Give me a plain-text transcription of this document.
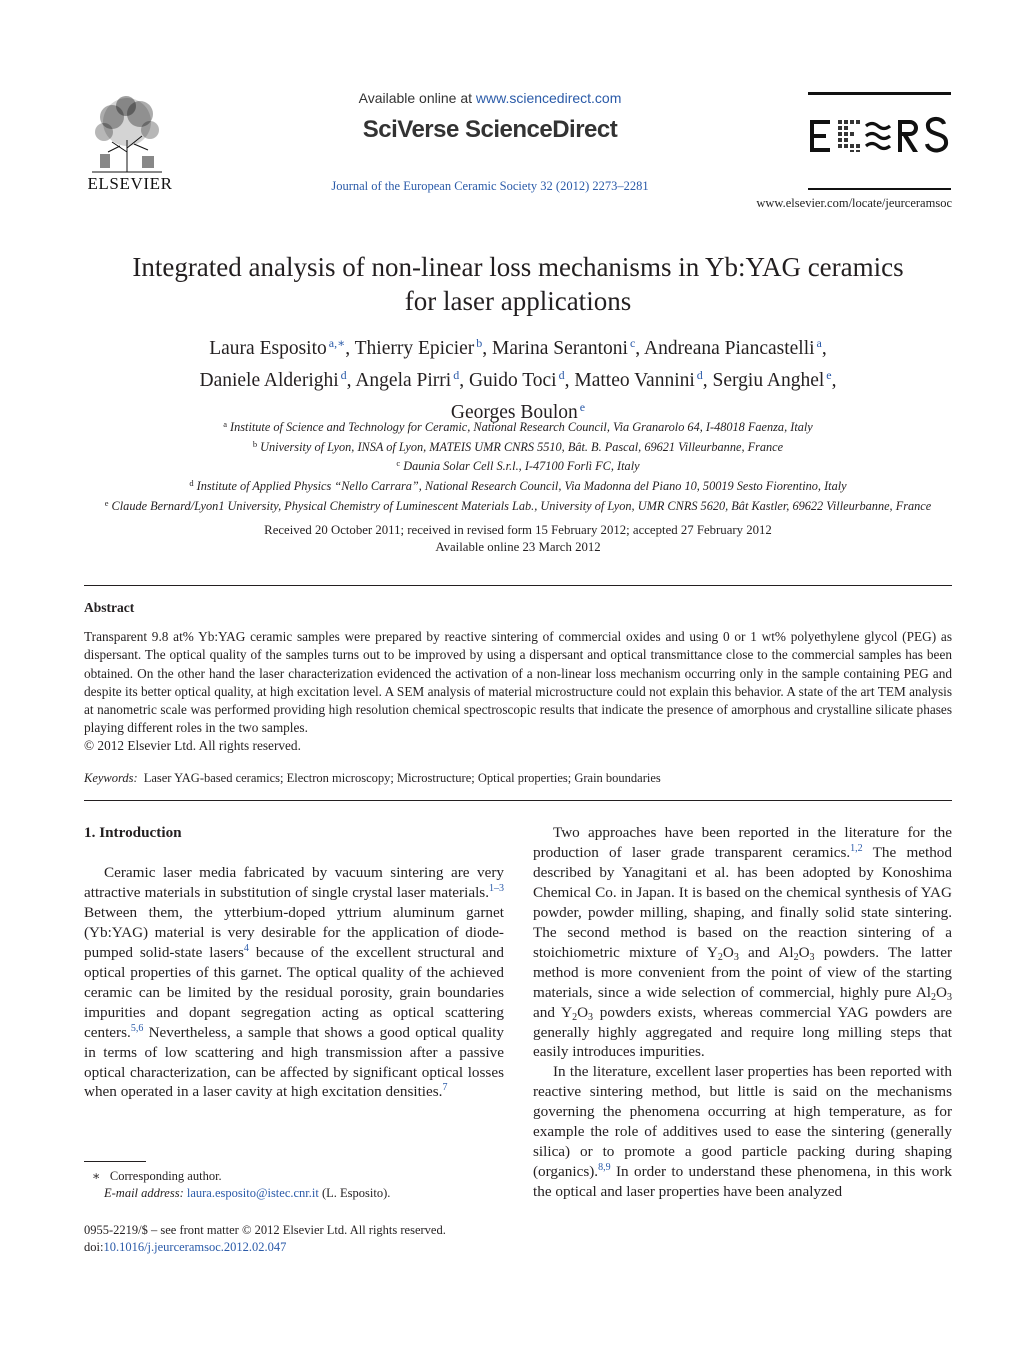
ELSEVIER
Available online at www.sciencedirect.com
SciVerse ScienceDirect
Journal of the European Ceramic Society 32 (2012) 2273–2281
www.elsevier.com/locate/jeurceramsoc
Integrated analysis of non-linear loss mechanisms in Yb:YAG ceramics
for laser applications
Laura Esposito $^{a,∗}$, Thierry Epicier $^b$, Marina Serantoni $^c$, Andreana Piancastelli $^a$,
Daniele Alderighi $^d$, Angela Pirri $^d$, Guido Toci $^d$, Matteo Vannini $^d$, Sergiu Anghel $^e$,
Georges Boulon $^e$
$^a$ Institute of Science and Technology for Ceramic, National Research Council, Via Granarolo 64, I-48018 Faenza, Italy
$^b$ University of Lyon, INSA of Lyon, MATEIS UMR CNRS 5510, Bât. B. Pascal, 69621 Villeurbanne, France
$^c$ Daunia Solar Cell S.r.l., I-47100 Forlì FC, Italy
$^d$ Institute of Applied Physics “Nello Carrara”, National Research Council, Via Madonna del Piano 10, 50019 Sesto Fiorentino, Italy
$^e$ Claude Bernard/Lyon1 University, Physical Chemistry of Luminescent Materials Lab., University of Lyon, UMR CNRS 5620, Bât Kastler, 69622 Villeurbanne, France
Received 20 October 2011; received in revised form 15 February 2012; accepted 27 February 2012
Available online 23 March 2012
Abstract
Transparent 9.8 at% Yb:YAG ceramic samples were prepared by reactive sintering of commercial oxides and using 0 or 1 wt% polyethylene glycol (PEG) as dispersant. The optical quality of the samples turns out to be improved by using a dispersant and optical transmittance close to the commercial samples has been obtained. On the other hand the laser characterization evidenced the activation of a non-linear loss mechanism occurring only in the sample containing PEG and despite its better optical quality, at high excitation level. A SEM analysis of material microstructure could not explain this behavior. A state of the art TEM analysis at nanometric scale was performed providing high resolution chemical spectroscopic results that indicate the presence of amorphous and crystalline silicate phases playing different roles in the two samples.
© 2012 Elsevier Ltd. All rights reserved.
Keywords: Laser YAG-based ceramics; Electron microscopy; Microstructure; Optical properties; Grain boundaries
1. Introduction

Ceramic laser media fabricated by vacuum sintering are very attractive materials in substitution of single crystal laser materials.$^{1-3}$ Between them, the ytterbium-doped yttrium aluminum garnet (Yb:YAG) material is very desirable for the application of diode-pumped solid-state lasers$^4$ because of the excellent structural and optical properties of this garnet. The optical quality of the achieved ceramic can be limited by the residual porosity, grain boundaries impurities and dopant segregation acting as optical scattering centers.$^{5,6}$ Nevertheless, a sample that shows a good optical quality in terms of low scattering and high transmission after a passive optical characterization, can be affected by significant optical losses when operated in a laser cavity at high excitation densities.$^7$

Two approaches have been reported in the literature for the production of laser grade transparent ceramics.$^{1,2}$ The method described by Yanagitani et al. has been adopted by Konoshima Chemical Co. in Japan. It is based on the chemical synthesis of YAG powder, powder milling, shaping, and finally solid state sintering. The second method is based on the reaction sintering of a stoichiometric mixture of $Y_2O_3$ and $Al_2O_3$ powders. The latter method is more convenient from the point of view of the starting materials, since a wide selection of commercial, highly pure $Al_2O_3$ and $Y_2O_3$ powders exists, whereas commercial YAG powders are generally highly aggregated and require long milling steps that easily introduces impurities.

In the literature, excellent laser properties has been reported with reactive sintering method, but little is said on the mechanisms governing the phenomena occurring at high temperature, as for example the role of additives used to ease the sintering (generally silica) or to promote a good particle packing during shaping (organics).$^{8,9}$ In order to understand these phenomena, in this work the optical and laser properties have been analyzed

∗ Corresponding author.
E-mail address: laura.esposito@istec.cnr.it (L. Esposito).
0955-2219/$ – see front matter © 2012 Elsevier Ltd. All rights reserved.
doi:10.1016/j.jeurceramsoc.2012.02.047
